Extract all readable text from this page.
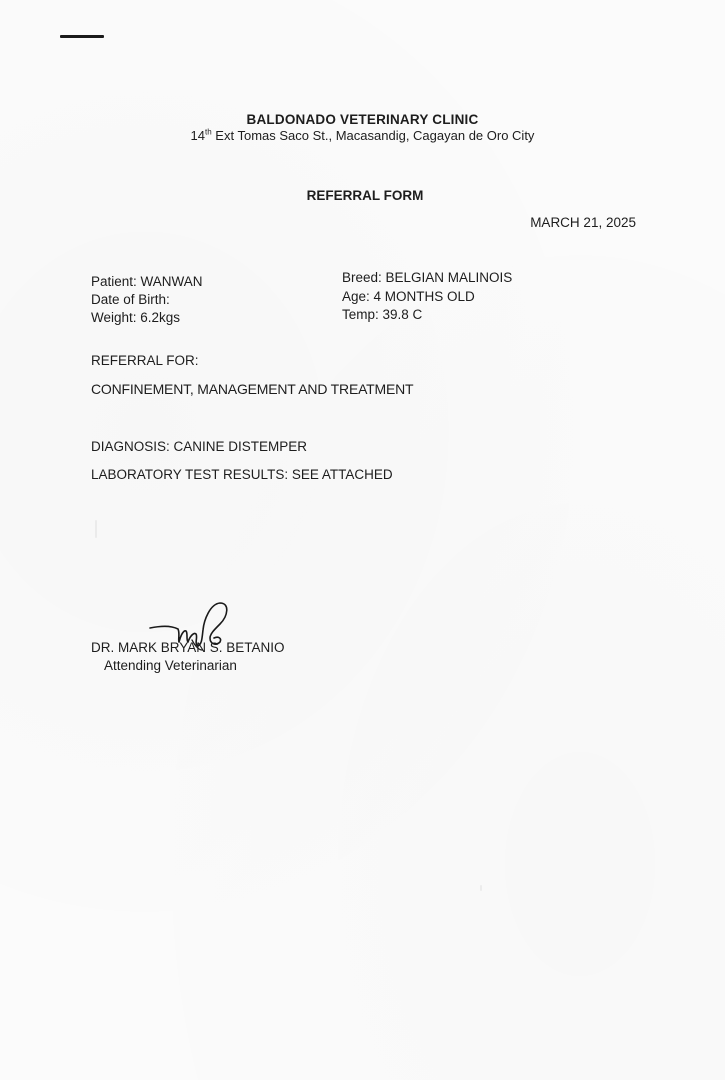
BALDONADO VETERINARY CLINIC
14th Ext Tomas Saco St., Macasandig, Cagayan de Oro City
REFERRAL FORM
MARCH 21, 2025
Patient: WANWAN
Date of Birth:
Weight: 6.2kgs
Breed: BELGIAN MALINOIS
Age: 4 MONTHS OLD
Temp: 39.8 C
REFERRAL FOR:
CONFINEMENT, MANAGEMENT AND TREATMENT
DIAGNOSIS: CANINE DISTEMPER
LABORATORY TEST RESULTS: SEE ATTACHED
DR. MARK BRYAN S. BETANIO
Attending Veterinarian
